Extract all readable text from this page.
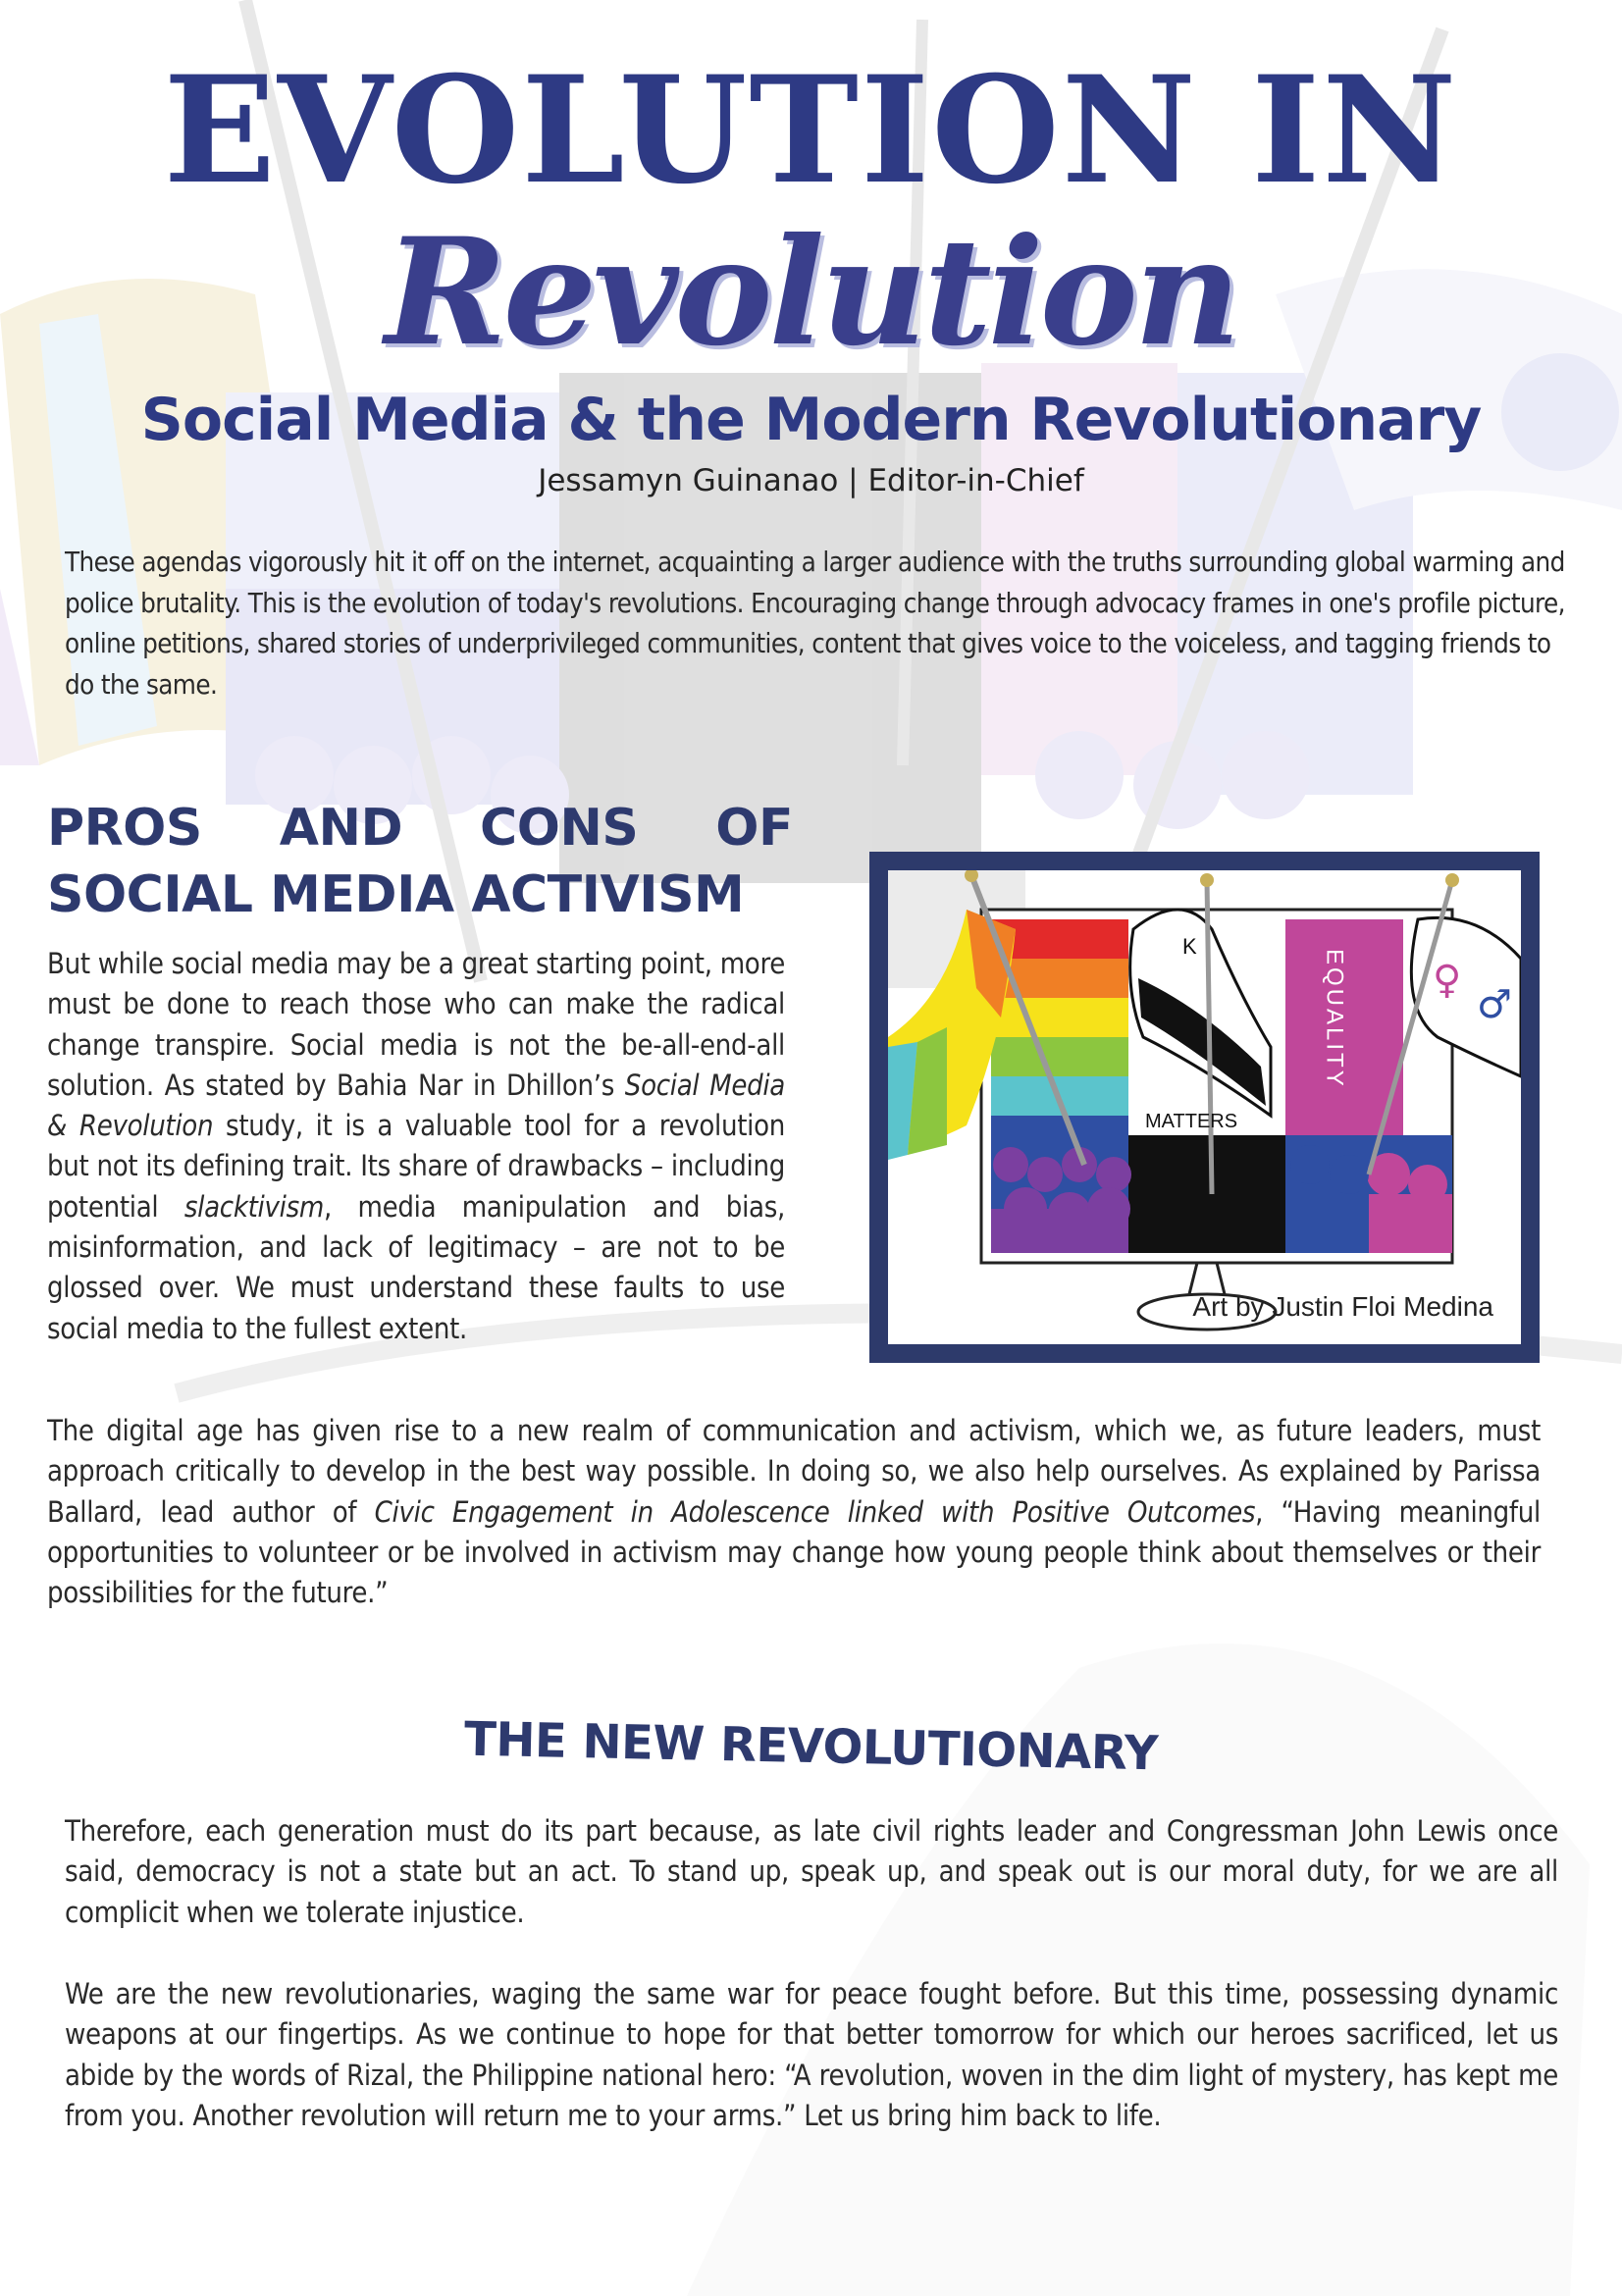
EVOLUTION IN
Revolution
Social Media & the Modern Revolutionary
Jessamyn Guinanao | Editor-in-Chief

These agendas vigorously hit it off on the internet, acquainting a larger audience with the truths surrounding global warming and police brutality. This is the evolution of today's revolutions. Encouraging change through advocacy frames in one's profile picture, online petitions, shared stories of underprivileged communities, content that gives voice to the voiceless, and tagging friends to do the same.

PROS AND CONS OF SOCIAL MEDIA ACTIVISM

But while social media may be a great starting point, more must be done to reach those who can make the radical change transpire. Social media is not the be-all-end-all solution. As stated by Bahia Nar in Dhillon’s Social Media & Revolution study, it is a valuable tool for a revolution but not its defining trait. Its share of drawbacks – including potential slacktivism, media manipulation and bias, misinformation, and lack of legitimacy – are not to be glossed over. We must understand these faults to use social media to the fullest extent.

K
MATTERS
EQUALITY ♀
♂
Art by Justin Floi Medina

The digital age has given rise to a new realm of communication and activism, which we, as future leaders, must approach critically to develop in the best way possible. In doing so, we also help ourselves. As explained by Parissa Ballard, lead author of Civic Engagement in Adolescence linked with Positive Outcomes, “Having meaningful opportunities to volunteer or be involved in activism may change how young people think about themselves or their possibilities for the future.”

THE NEW REVOLUTIONARY

Therefore, each generation must do its part because, as late civil rights leader and Congressman John Lewis once said, democracy is not a state but an act. To stand up, speak up, and speak out is our moral duty, for we are all complicit when we tolerate injustice.

We are the new revolutionaries, waging the same war for peace fought before. But this time, possessing dynamic weapons at our fingertips. As we continue to hope for that better tomorrow for which our heroes sacrificed, let us abide by the words of Rizal, the Philippine national hero: “A revolution, woven in the dim light of mystery, has kept me from you. Another revolution will return me to your arms.” Let us bring him back to life.
